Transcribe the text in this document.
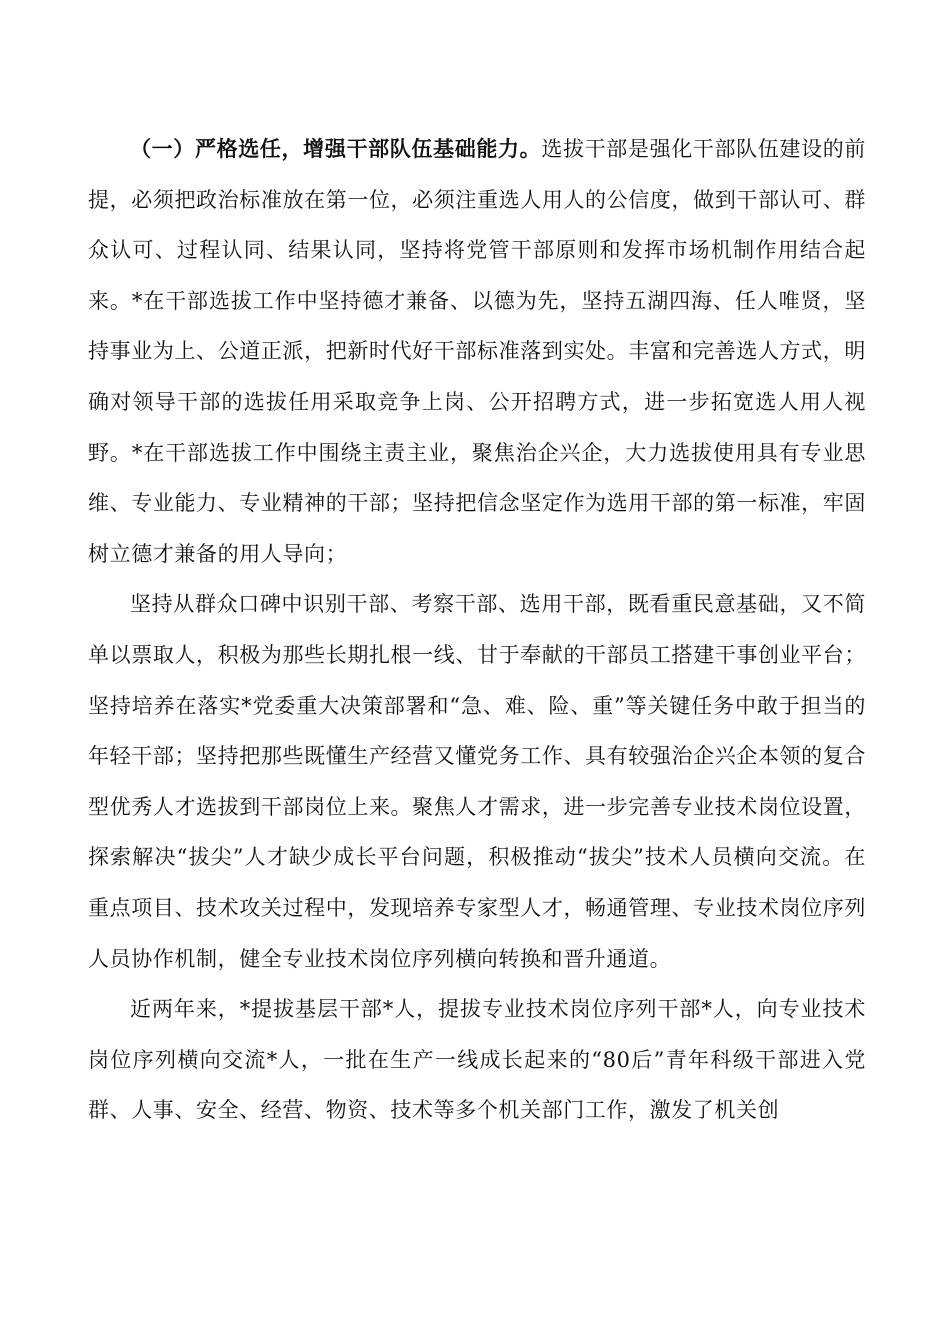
（一）严格选任，增强干部队伍基础能力。选拔干部是强化干部队伍建设的前提，必须把政治标准放在第一位，必须注重选人用人的公信度，做到干部认可、群众认可、过程认同、结果认同，坚持将党管干部原则和发挥市场机制作用结合起来。*在干部选拔工作中坚持德才兼备、以德为先，坚持五湖四海、任人唯贤，坚持事业为上、公道正派，把新时代好干部标准落到实处。丰富和完善选人方式，明确对领导干部的选拔任用采取竞争上岗、公开招聘方式，进一步拓宽选人用人视野。*在干部选拔工作中围绕主责主业，聚焦治企兴企，大力选拔使用具有专业思维、专业能力、专业精神的干部；坚持把信念坚定作为选用干部的第一标准，牢固树立德才兼备的用人导向；

坚持从群众口碑中识别干部、考察干部、选用干部，既看重民意基础，又不简单以票取人，积极为那些长期扎根一线、甘于奉献的干部员工搭建干事创业平台；坚持培养在落实*党委重大决策部署和“急、难、险、重”等关键任务中敢于担当的年轻干部；坚持把那些既懂生产经营又懂党务工作、具有较强治企兴企本领的复合型优秀人才选拔到干部岗位上来。聚焦人才需求，进一步完善专业技术岗位设置，探索解决“拔尖”人才缺少成长平台问题，积极推动“拔尖”技术人员横向交流。在重点项目、技术攻关过程中，发现培养专家型人才，畅通管理、专业技术岗位序列人员协作机制，健全专业技术岗位序列横向转换和晋升通道。

近两年来，*提拔基层干部*人，提拔专业技术岗位序列干部*人，向专业技术岗位序列横向交流*人，一批在生产一线成长起来的“80后”青年科级干部进入党群、人事、安全、经营、物资、技术等多个机关部门工作，激发了机关创
